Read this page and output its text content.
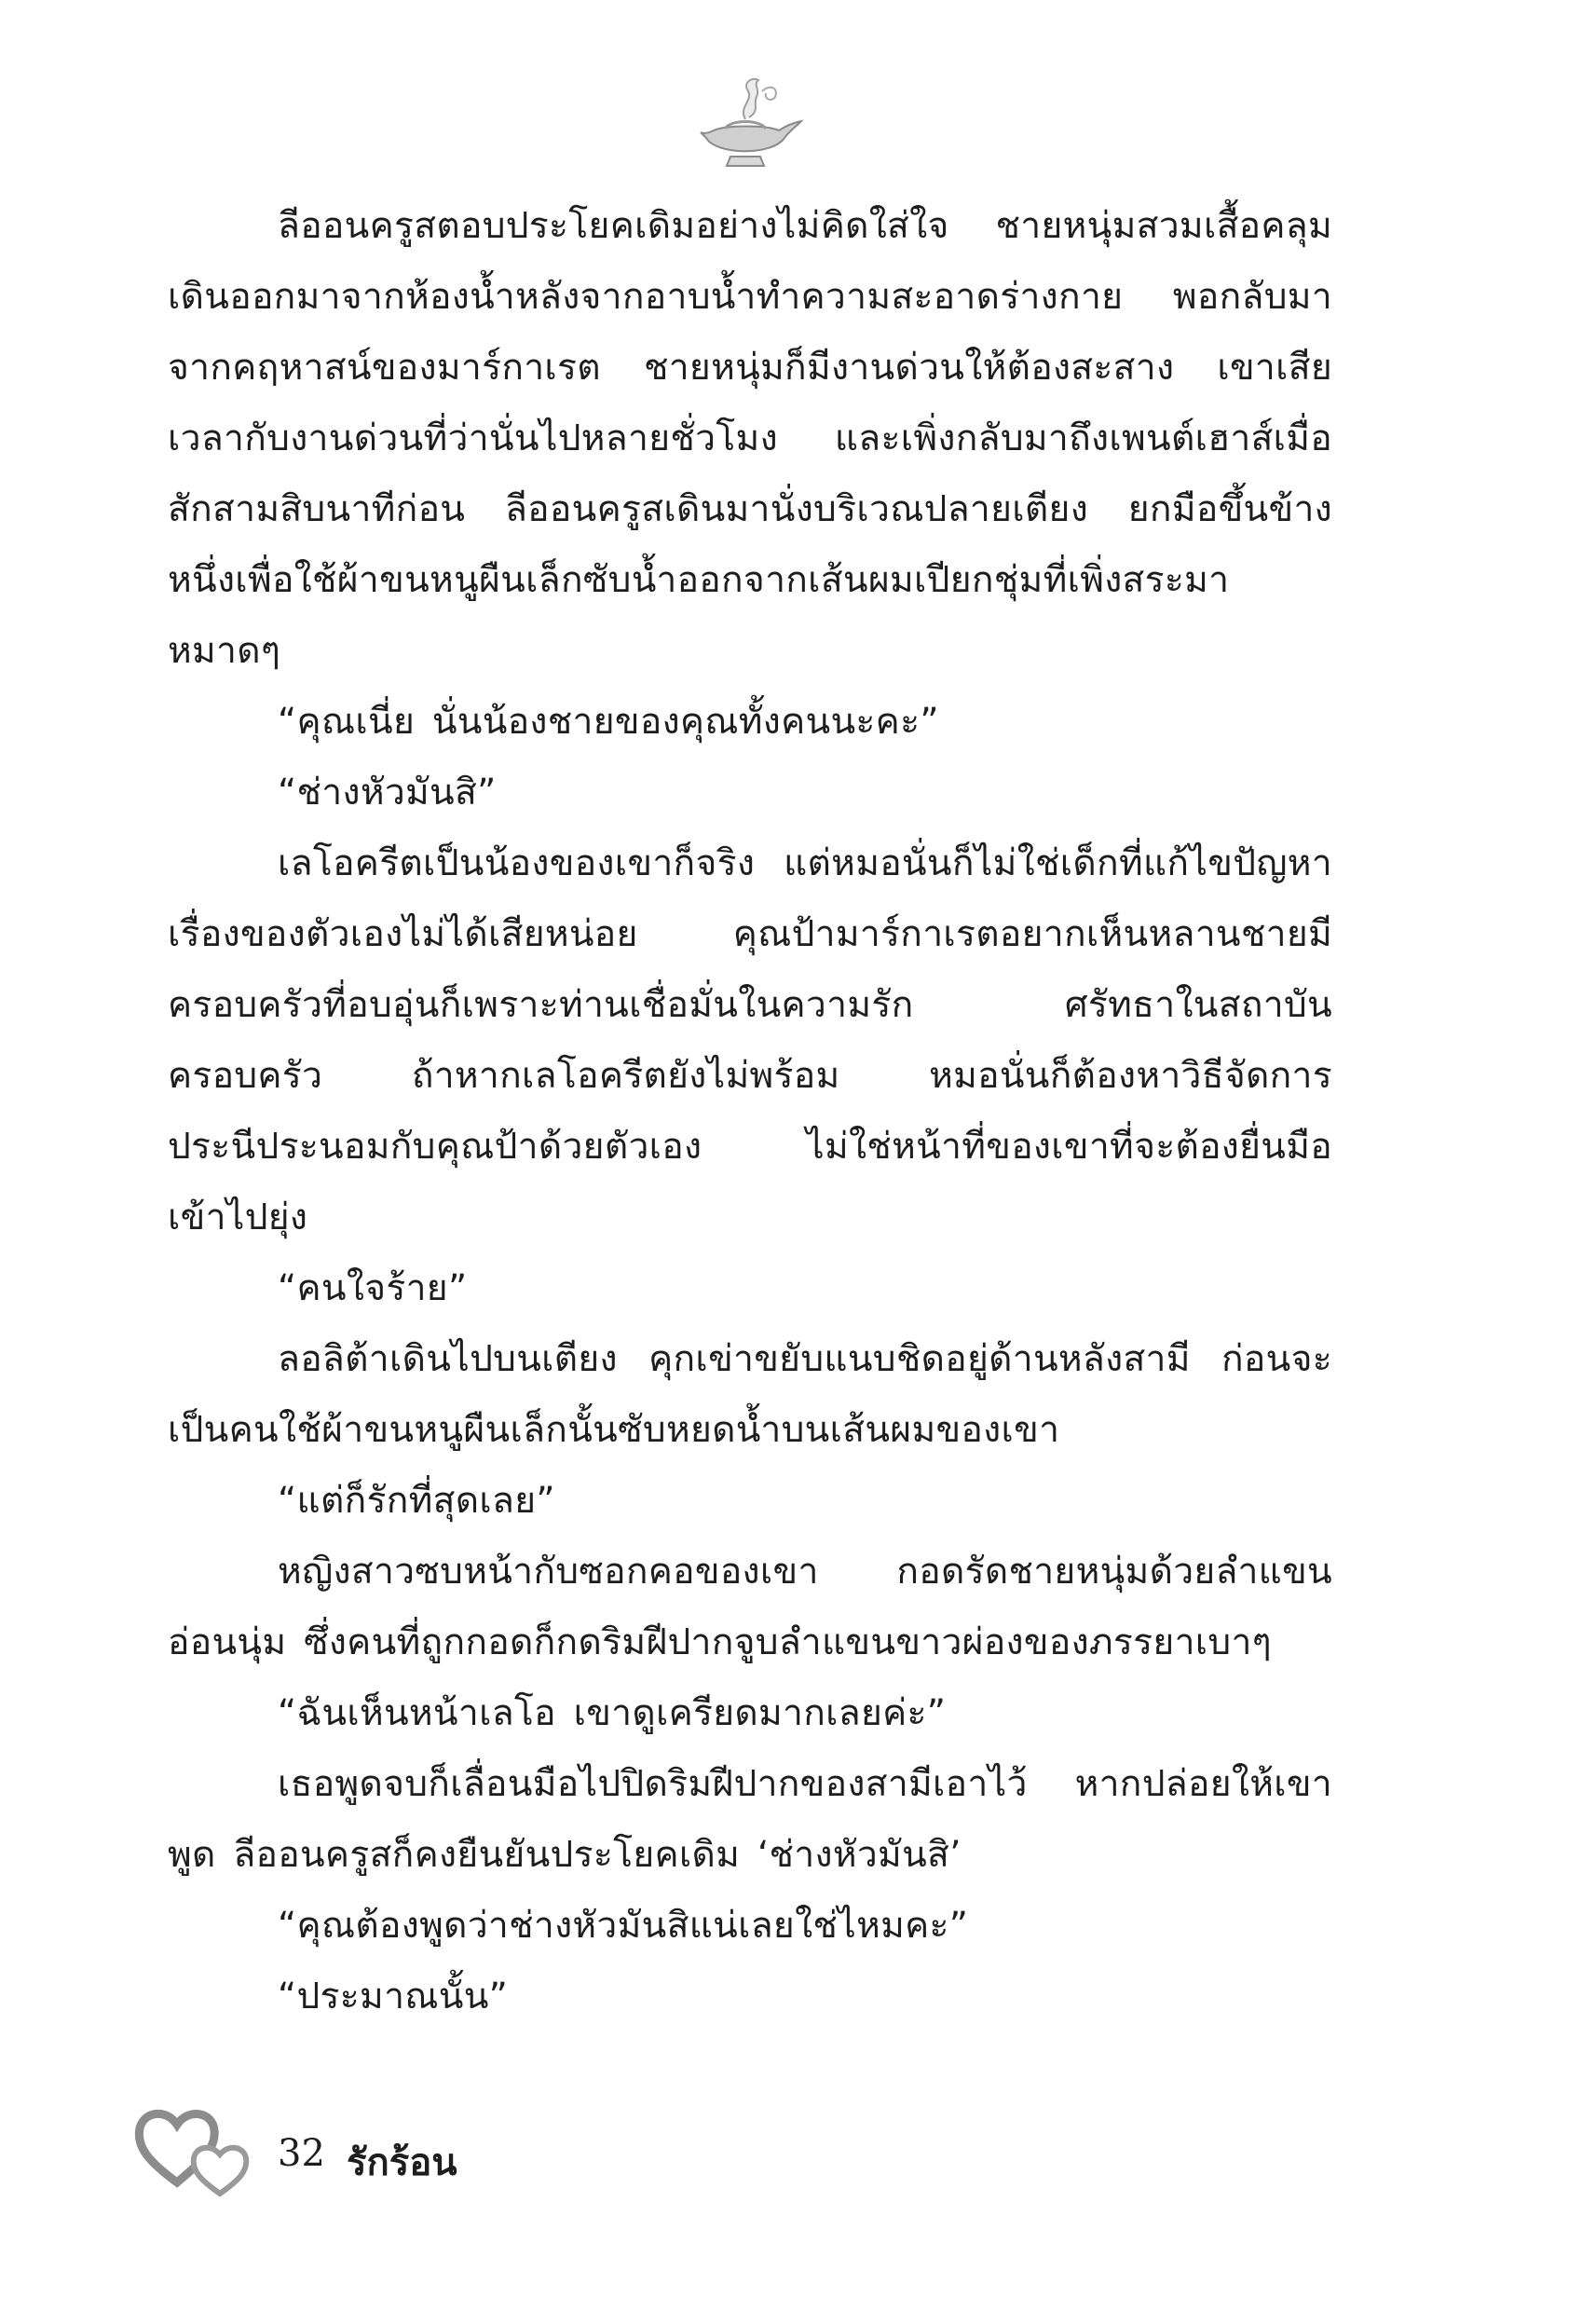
ลีออนครูสตอบประโยคเดิมอย่างไม่คิดใส่ใจ ชายหนุ่มสวมเสื้อคลุมเดินออกมาจากห้องน้ำหลังจากอาบน้ำทำความสะอาดร่างกาย พอกลับมาจากคฤหาสน์ของมาร์กาเรต ชายหนุ่มก็มีงานด่วนให้ต้องสะสาง เขาเสียเวลากับงานด่วนที่ว่านั่นไปหลายชั่วโมง และเพิ่งกลับมาถึงเพนต์เฮาส์เมื่อสักสามสิบนาทีก่อน ลีออนครูสเดินมานั่งบริเวณปลายเตียง ยกมือขึ้นข้างหนึ่งเพื่อใช้ผ้าขนหนูผืนเล็กซับน้ำออกจากเส้นผมเปียกชุ่มที่เพิ่งสระมาหมาดๆ

“คุณเนี่ย นั่นน้องชายของคุณทั้งคนนะคะ”

“ช่างหัวมันสิ”

เลโอครีตเป็นน้องของเขาก็จริง แต่หมอนั่นก็ไม่ใช่เด็กที่แก้ไขปัญหาเรื่องของตัวเองไม่ได้เสียหน่อย คุณป้ามาร์กาเรตอยากเห็นหลานชายมีครอบครัวที่อบอุ่นก็เพราะท่านเชื่อมั่นในความรัก ศรัทธาในสถาบันครอบครัว ถ้าหากเลโอครีตยังไม่พร้อม หมอนั่นก็ต้องหาวิธีจัดการประนีประนอมกับคุณป้าด้วยตัวเอง ไม่ใช่หน้าที่ของเขาที่จะต้องยื่นมือเข้าไปยุ่ง

“คนใจร้าย”

ลอลิต้าเดินไปบนเตียง คุกเข่าขยับแนบชิดอยู่ด้านหลังสามี ก่อนจะเป็นคนใช้ผ้าขนหนูผืนเล็กนั้นซับหยดน้ำบนเส้นผมของเขา

“แต่ก็รักที่สุดเลย”

หญิงสาวซบหน้ากับซอกคอของเขา กอดรัดชายหนุ่มด้วยลำแขนอ่อนนุ่ม ซึ่งคนที่ถูกกอดก็กดริมฝีปากจูบลำแขนขาวผ่องของภรรยาเบาๆ

“ฉันเห็นหน้าเลโอ เขาดูเครียดมากเลยค่ะ”

เธอพูดจบก็เลื่อนมือไปปิดริมฝีปากของสามีเอาไว้ หากปล่อยให้เขาพูด ลีออนครูสก็คงยืนยันประโยคเดิม ‘ช่างหัวมันสิ’

“คุณต้องพูดว่าช่างหัวมันสิแน่เลยใช่ไหมคะ”

“ประมาณนั้น”

32 รักร้อน
